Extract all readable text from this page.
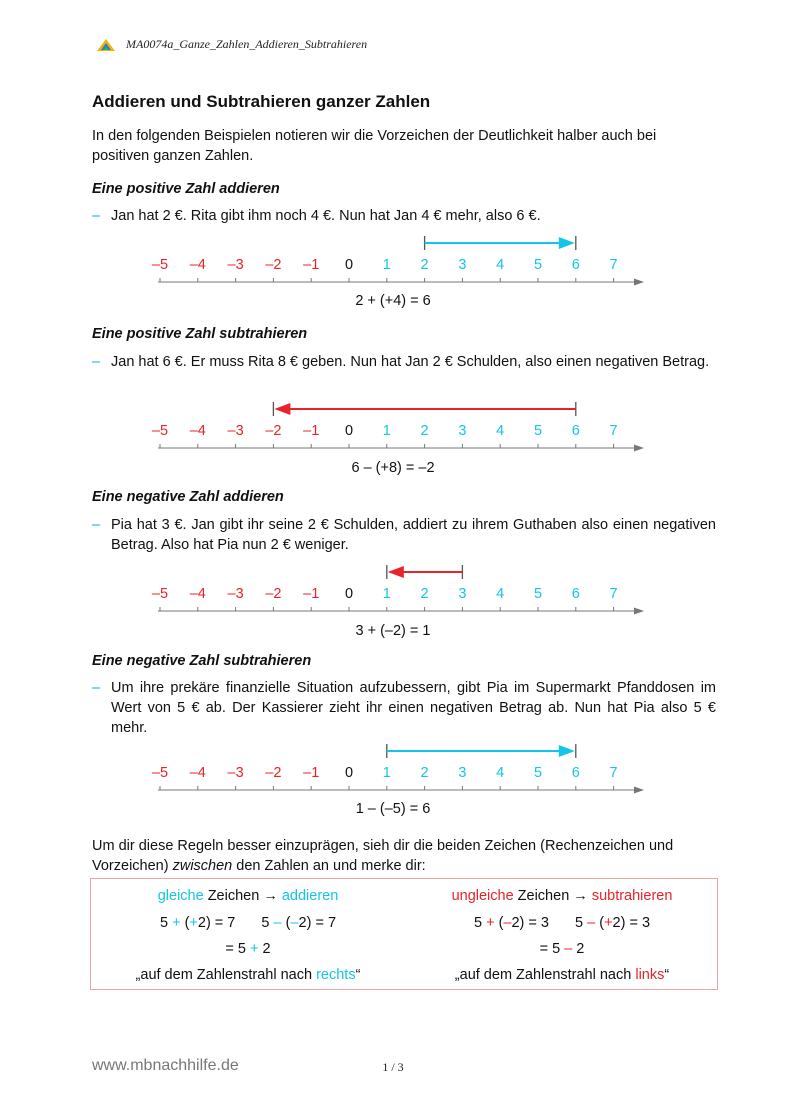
MA0074a_Ganze_Zahlen_Addieren_Subtrahieren
Addieren und Subtrahieren ganzer Zahlen
In den folgenden Beispielen notieren wir die Vorzeichen der Deutlichkeit halber auch bei positiven ganzen Zahlen.
Eine positive Zahl addieren
– Jan hat 2 €. Rita gibt ihm noch 4 €. Nun hat Jan 4 € mehr, also 6 €.
–5 –4 –3 –2 –1 0 1 2 3 4 5 6 7
2 + (+4) = 6
Eine positive Zahl subtrahieren
– Jan hat 6 €. Er muss Rita 8 € geben. Nun hat Jan 2 € Schulden, also einen negativen Betrag.
–5 –4 –3 –2 –1 0 1 2 3 4 5 6 7
6 – (+8) = –2
Eine negative Zahl addieren
– Pia hat 3 €. Jan gibt ihr seine 2 € Schulden, addiert zu ihrem Guthaben also einen negativen Betrag. Also hat Pia nun 2 € weniger.
–5 –4 –3 –2 –1 0 1 2 3 4 5 6 7
3 + (–2) = 1
Eine negative Zahl subtrahieren
– Um ihre prekäre finanzielle Situation aufzubessern, gibt Pia im Supermarkt Pfanddosen im Wert von 5 € ab. Der Kassierer zieht ihr einen negativen Betrag ab. Nun hat Pia also 5 € mehr.
–5 –4 –3 –2 –1 0 1 2 3 4 5 6 7
1 – (–5) = 6
Um dir diese Regeln besser einzuprägen, sieh dir die beiden Zeichen (Rechenzeichen und Vorzeichen) zwischen den Zahlen an und merke dir:
gleiche Zeichen → addieren
5 + (+2) = 7 5 – (–2) = 7
= 5 + 2
„auf dem Zahlenstrahl nach rechts“
ungleiche Zeichen → subtrahieren
5 + (–2) = 3 5 – (+2) = 3
= 5 – 2
„auf dem Zahlenstrahl nach links“
www.mbnachhilfe.de	1 / 3
